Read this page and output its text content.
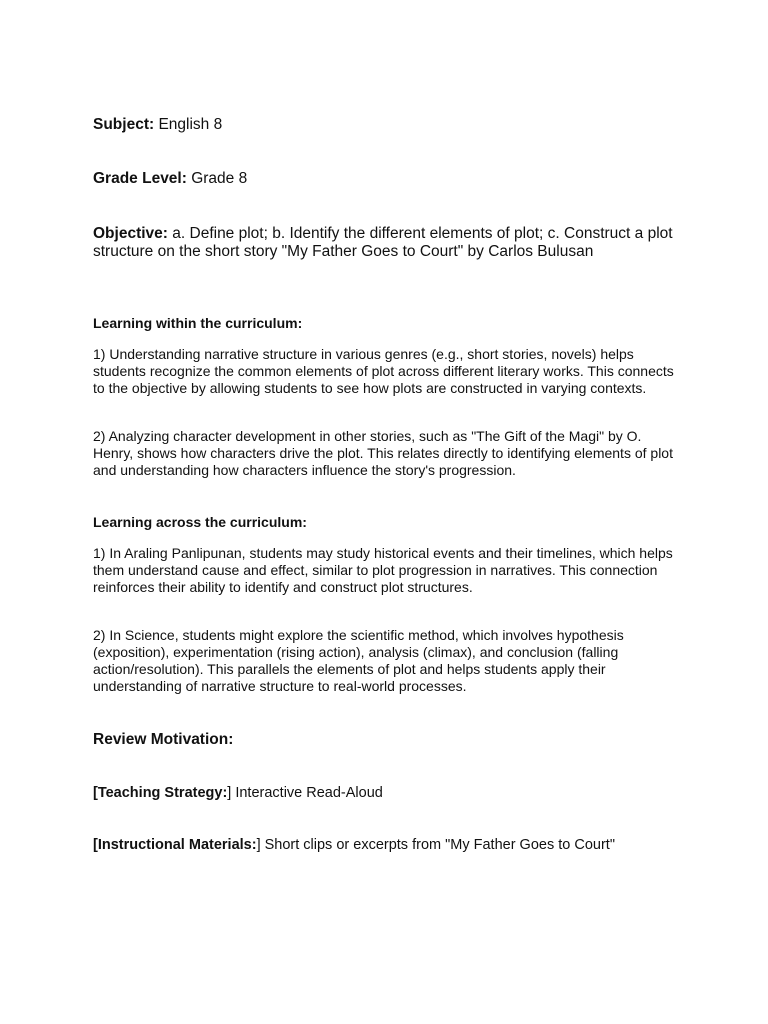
Subject: English 8

Grade Level: Grade 8

Objective: a. Define plot; b. Identify the different elements of plot; c. Construct a plot structure on the short story "My Father Goes to Court" by Carlos Bulusan

Learning within the curriculum:

1) Understanding narrative structure in various genres (e.g., short stories, novels) helps students recognize the common elements of plot across different literary works. This connects to the objective by allowing students to see how plots are constructed in varying contexts.

2) Analyzing character development in other stories, such as "The Gift of the Magi" by O. Henry, shows how characters drive the plot. This relates directly to identifying elements of plot and understanding how characters influence the story's progression.

Learning across the curriculum:

1) In Araling Panlipunan, students may study historical events and their timelines, which helps them understand cause and effect, similar to plot progression in narratives. This connection reinforces their ability to identify and construct plot structures.

2) In Science, students might explore the scientific method, which involves hypothesis (exposition), experimentation (rising action), analysis (climax), and conclusion (falling action/resolution). This parallels the elements of plot and helps students apply their understanding of narrative structure to real-world processes.

Review Motivation:

[Teaching Strategy:] Interactive Read-Aloud

[Instructional Materials:] Short clips or excerpts from "My Father Goes to Court"
